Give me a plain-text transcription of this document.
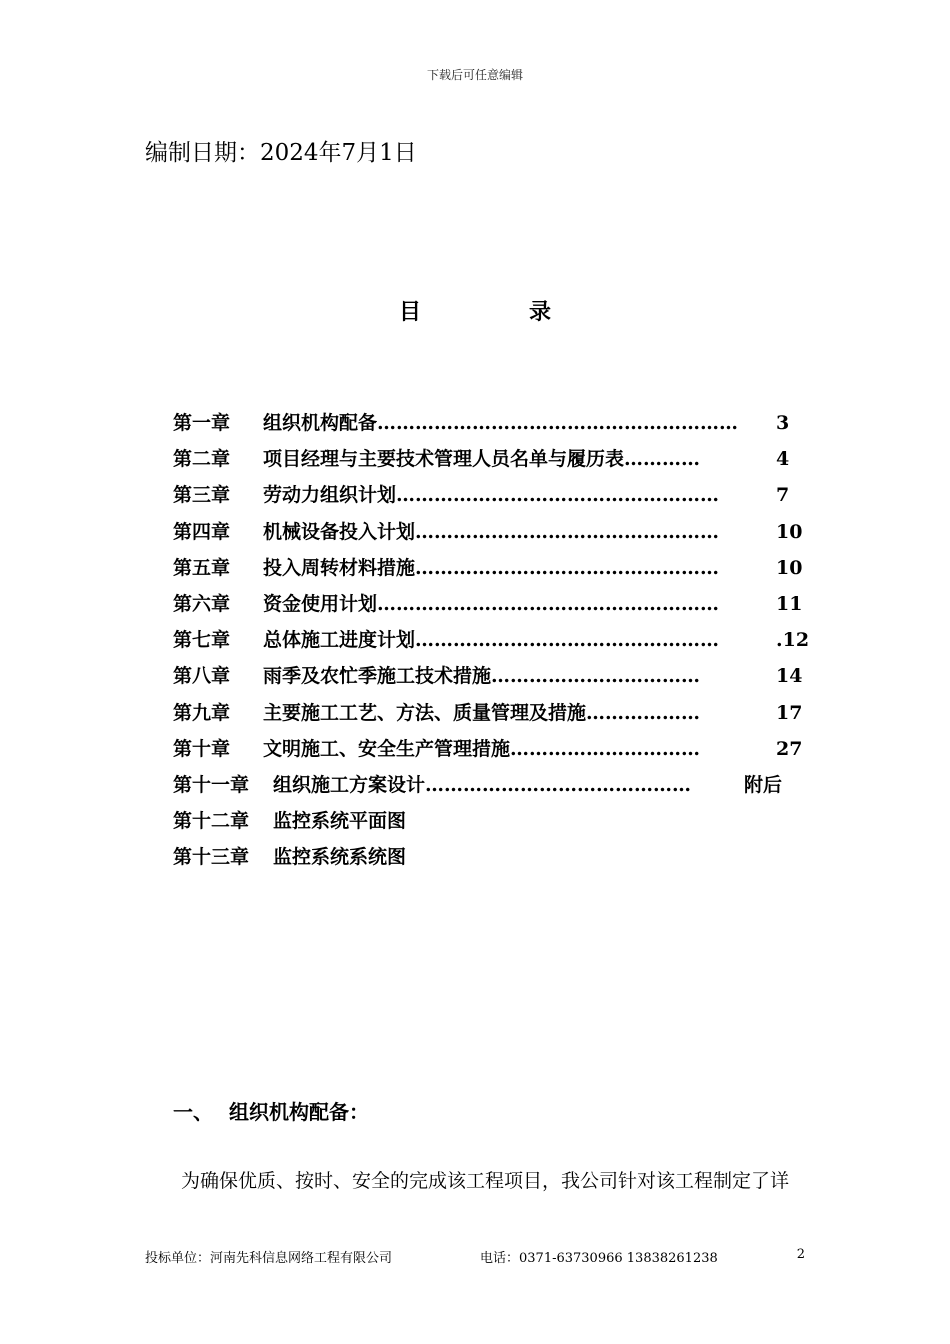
下载后可任意编辑
编制日期：2024年7月1日
目	录
第一章 组织机构配备 …………………………………………………	3
第二章 项目经理与主要技术管理人员名单与履历表 …………	4
第三章 劳动力组织计划 ……………………………………………	7
第四章 机械设备投入计划 …………………………………………	10
第五章 投入周转材料措施 …………………………………………	10
第六章 资金使用计划 ………………………………………………	11
第七章 总体施工进度计划 …………………………………………	.12
第八章 雨季及农忙季施工技术措施 ……………………………	14
第九章 主要施工工艺、方法、质量管理及措施 ………………	17
第十章 文明施工、安全生产管理措施 …………………………	27
第十一章 组织施工方案设计 ……………………………………	附后
第十二章 监控系统平面图
第十三章 监控系统系统图
一、 组织机构配备：
为确保优质、按时、安全的完成该工程项目，我公司针对该工程制定了详
投标单位：河南先科信息网络工程有限公司	电话：0371-63730966 13838261238	2
